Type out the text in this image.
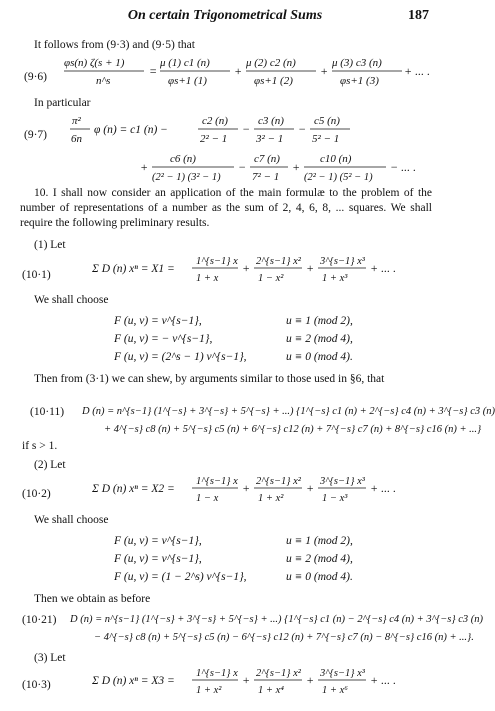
On certain Trigonometrical Sums	187
It follows from (9·3) and (9·5) that
(9·6)
φs(n) ζ(s + 1)
n^s
=
μ (1) c1 (n)
φs+1 (1)
+
μ (2) c2 (n)
φs+1 (2)
+
μ (3) c3 (n)
φs+1 (3)
+ ... .
In particular
(9·7)
π²
6n
φ (n) = c1 (n) −
c2 (n)
2² − 1
−
c3 (n)
3² − 1
−
c5 (n)
5² − 1
+
c6 (n)
(2² − 1) (3² − 1)
−
c7 (n)
7² − 1
+
c10 (n)
(2² − 1) (5² − 1)
− ... .
10. I shall now consider an application of the main formulæ to the problem of the number of representations of a number as the sum of 2, 4, 6, 8, ... squares. We shall require the following preliminary results.
(1) Let
(10·1)	Σ D (n) xⁿ = X1 =
1^{s−1} x
1 + x
+ 2^{s−1} x²
1 − x²
+ 3^{s−1} x³
1 + x³
+ ... .
We shall choose
F (u, v) = v^{s−1},	u ≡ 1 (mod 2),
F (u, v) = − v^{s−1},	u ≡ 2 (mod 4),
F (u, v) = (2^s − 1) v^{s−1},	u ≡ 0 (mod 4).
Then from (3·1) we can shew, by arguments similar to those used in §6, that
(10·11) D (n) = n^{s−1} (1^{−s} + 3^{−s} + 5^{−s} + ...) {1^{−s} c1 (n) + 2^{−s} c4 (n) + 3^{−s} c3 (n)
+ 4^{−s} c8 (n) + 5^{−s} c5 (n) + 6^{−s} c12 (n) + 7^{−s} c7 (n) + 8^{−s} c16 (n) + ...}
if s > 1.
(2) Let
(10·2)	Σ D (n) xⁿ = X2 =
1^{s−1} x
1 − x
+ 2^{s−1} x²
1 + x²
+ 3^{s−1} x³
1 − x³
+ ... .
We shall choose
F (u, v) = v^{s−1},	u ≡ 1 (mod 2),
F (u, v) = v^{s−1},	u ≡ 2 (mod 4),
F (u, v) = (1 − 2^s) v^{s−1},	u ≡ 0 (mod 4).
Then we obtain as before
(10·21) D (n) = n^{s−1} (1^{−s} + 3^{−s} + 5^{−s} + ...) {1^{−s} c1 (n) − 2^{−s} c4 (n) + 3^{−s} c3 (n)
− 4^{−s} c8 (n) + 5^{−s} c5 (n) − 6^{−s} c12 (n) + 7^{−s} c7 (n) − 8^{−s} c16 (n) + ...}.
(3) Let
(10·3)	Σ D (n) xⁿ = X3 =
1^{s−1} x
1 + x²
+ 2^{s−1} x²
1 + x⁴
+ 3^{s−1} x³
1 + x⁶
+ ... .
